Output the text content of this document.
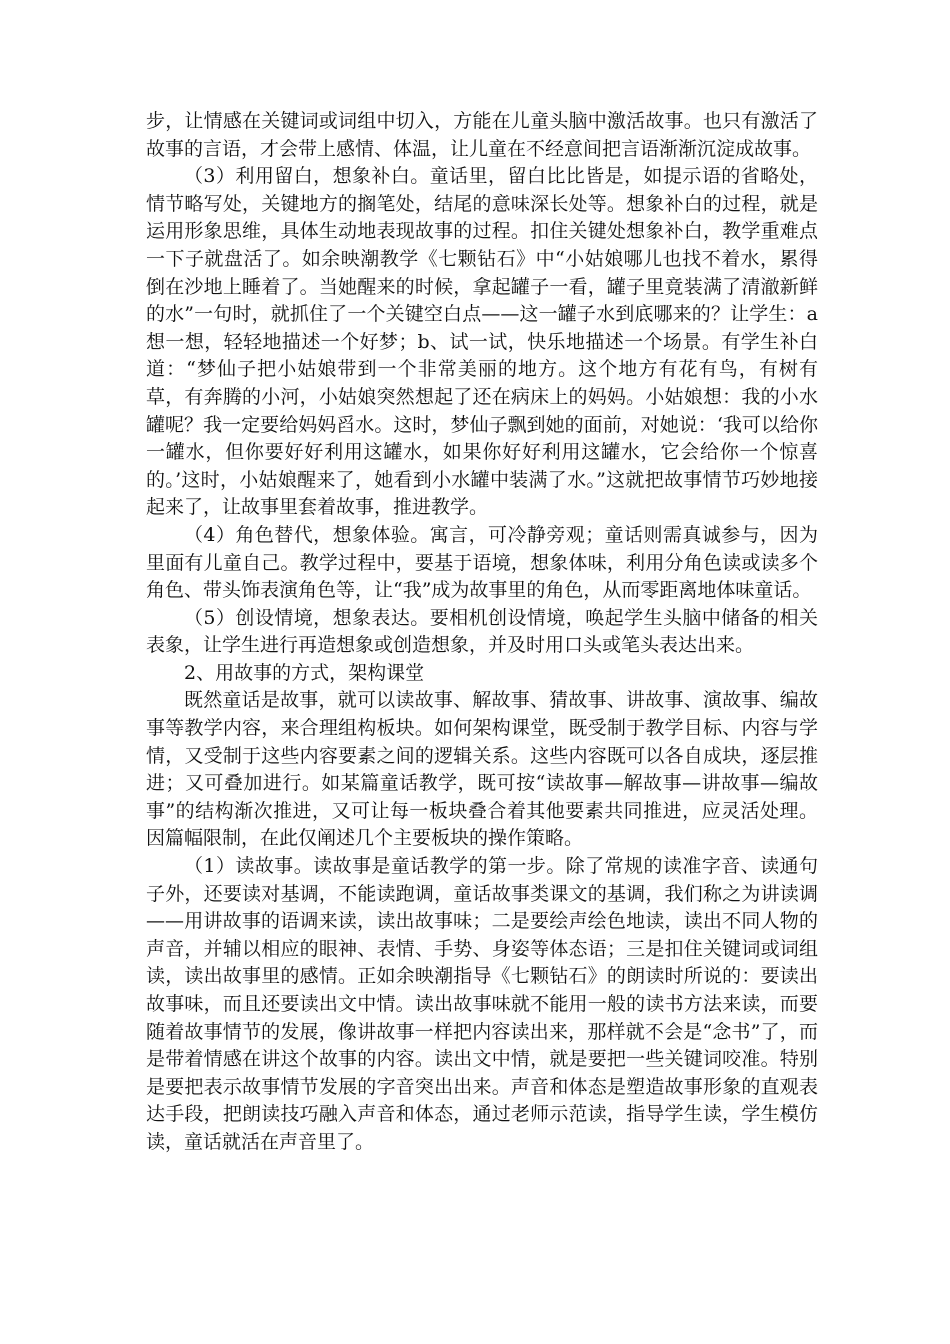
步，让情感在关键词或词组中切入，方能在儿童头脑中激活故事。也只有激活了故事的言语，才会带上感情、体温，让儿童在不经意间把言语渐渐沉淀成故事。

（3）利用留白，想象补白。童话里，留白比比皆是，如提示语的省略处，情节略写处，关键地方的搁笔处，结尾的意味深长处等。想象补白的过程，就是运用形象思维，具体生动地表现故事的过程。扣住关键处想象补白，教学重难点一下子就盘活了。如余映潮教学《七颗钻石》中“小姑娘哪儿也找不着水，累得倒在沙地上睡着了。当她醒来的时候，拿起罐子一看，罐子里竟装满了清澈新鲜的水”一句时，就抓住了一个关键空白点——这一罐子水到底哪来的？让学生：a想一想，轻轻地描述一个好梦；b、试一试，快乐地描述一个场景。有学生补白道：“梦仙子把小姑娘带到一个非常美丽的地方。这个地方有花有鸟，有树有草，有奔腾的小河，小姑娘突然想起了还在病床上的妈妈。小姑娘想：我的小水罐呢？我一定要给妈妈舀水。这时，梦仙子飘到她的面前，对她说：‘我可以给你一罐水，但你要好好利用这罐水，如果你好好利用这罐水，它会给你一个惊喜的。’这时，小姑娘醒来了，她看到小水罐中装满了水。”这就把故事情节巧妙地接起来了，让故事里套着故事，推进教学。

（4）角色替代，想象体验。寓言，可冷静旁观；童话则需真诚参与，因为里面有儿童自己。教学过程中，要基于语境，想象体味，利用分角色读或读多个角色、带头饰表演角色等，让“我”成为故事里的角色，从而零距离地体味童话。

（5）创设情境，想象表达。要相机创设情境，唤起学生头脑中储备的相关表象，让学生进行再造想象或创造想象，并及时用口头或笔头表达出来。

2、用故事的方式，架构课堂

既然童话是故事，就可以读故事、解故事、猜故事、讲故事、演故事、编故事等教学内容，来合理组构板块。如何架构课堂，既受制于教学目标、内容与学情，又受制于这些内容要素之间的逻辑关系。这些内容既可以各自成块，逐层推进；又可叠加进行。如某篇童话教学，既可按“读故事—解故事—讲故事—编故事”的结构渐次推进，又可让每一板块叠合着其他要素共同推进，应灵活处理。因篇幅限制，在此仅阐述几个主要板块的操作策略。

（1）读故事。读故事是童话教学的第一步。除了常规的读准字音、读通句子外，还要读对基调，不能读跑调，童话故事类课文的基调，我们称之为讲读调——用讲故事的语调来读，读出故事味；二是要绘声绘色地读，读出不同人物的声音，并辅以相应的眼神、表情、手势、身姿等体态语；三是扣住关键词或词组读，读出故事里的感情。正如余映潮指导《七颗钻石》的朗读时所说的：要读出故事味，而且还要读出文中情。读出故事味就不能用一般的读书方法来读，而要随着故事情节的发展，像讲故事一样把内容读出来，那样就不会是“念书”了，而是带着情感在讲这个故事的内容。读出文中情，就是要把一些关键词咬准。特别是要把表示故事情节发展的字音突出出来。声音和体态是塑造故事形象的直观表达手段，把朗读技巧融入声音和体态，通过老师示范读，指导学生读，学生模仿读，童话就活在声音里了。
